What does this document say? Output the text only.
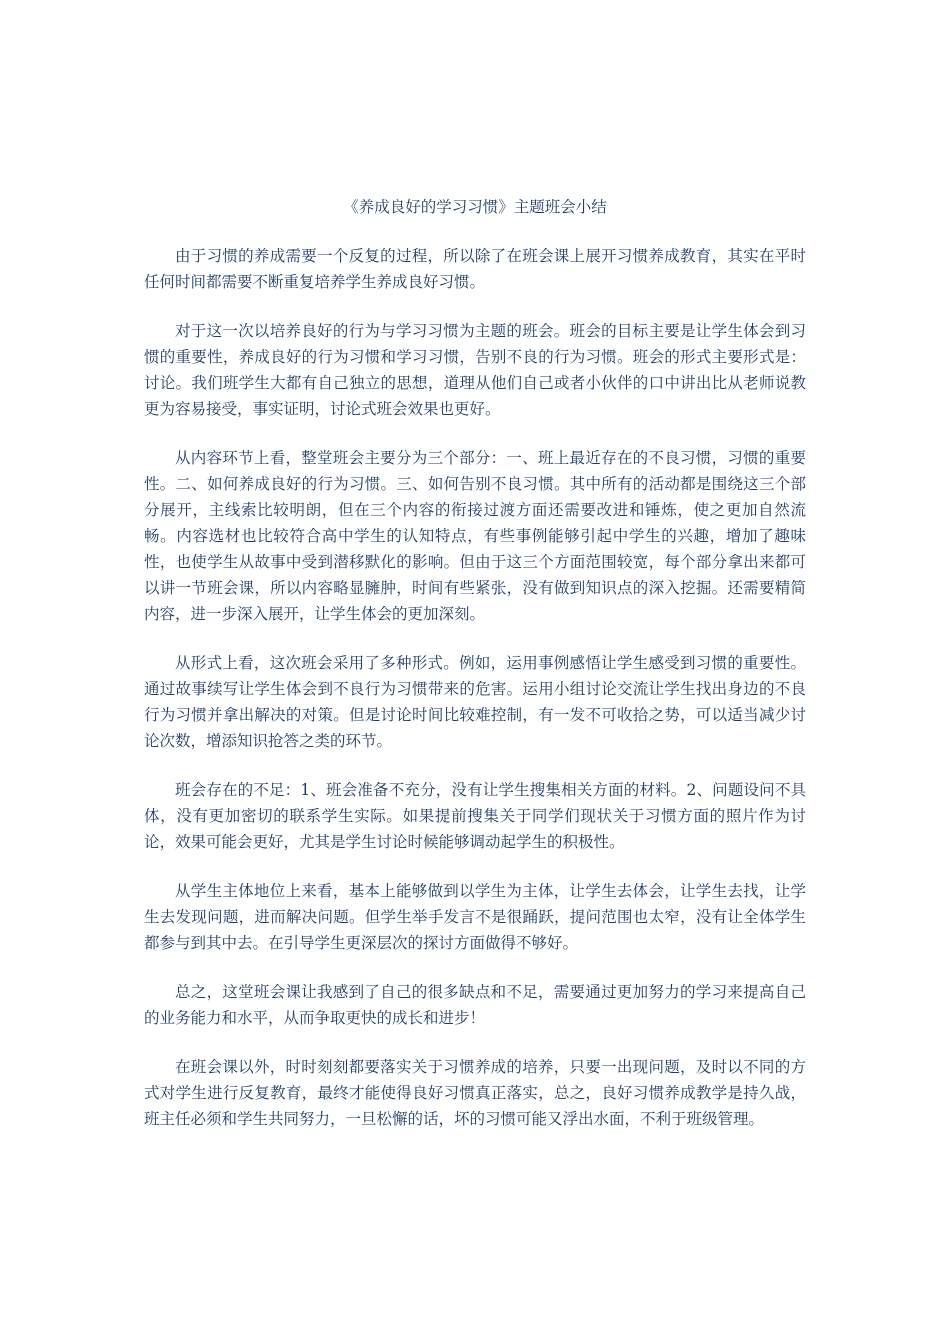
《养成良好的学习习惯》主题班会小结

由于习惯的养成需要一个反复的过程，所以除了在班会课上展开习惯养成教育，其实在平时任何时间都需要不断重复培养学生养成良好习惯。

对于这一次以培养良好的行为与学习习惯为主题的班会。班会的目标主要是让学生体会到习惯的重要性，养成良好的行为习惯和学习习惯，告别不良的行为习惯。班会的形式主要形式是：讨论。我们班学生大都有自己独立的思想，道理从他们自己或者小伙伴的口中讲出比从老师说教更为容易接受，事实证明，讨论式班会效果也更好。

从内容环节上看，整堂班会主要分为三个部分：一、班上最近存在的不良习惯，习惯的重要性。二、如何养成良好的行为习惯。三、如何告别不良习惯。其中所有的活动都是围绕这三个部分展开，主线索比较明朗，但在三个内容的衔接过渡方面还需要改进和锤炼，使之更加自然流畅。内容选材也比较符合高中学生的认知特点，有些事例能够引起中学生的兴趣，增加了趣味性，也使学生从故事中受到潜移默化的影响。但由于这三个方面范围较宽，每个部分拿出来都可以讲一节班会课，所以内容略显臃肿，时间有些紧张，没有做到知识点的深入挖掘。还需要精简内容，进一步深入展开，让学生体会的更加深刻。

从形式上看，这次班会采用了多种形式。例如，运用事例感悟让学生感受到习惯的重要性。通过故事续写让学生体会到不良行为习惯带来的危害。运用小组讨论交流让学生找出身边的不良行为习惯并拿出解决的对策。但是讨论时间比较难控制，有一发不可收拾之势，可以适当减少讨论次数，增添知识抢答之类的环节。

班会存在的不足：1、班会准备不充分，没有让学生搜集相关方面的材料。2、问题设问不具体，没有更加密切的联系学生实际。如果提前搜集关于同学们现状关于习惯方面的照片作为讨论，效果可能会更好，尤其是学生讨论时候能够调动起学生的积极性。

从学生主体地位上来看，基本上能够做到以学生为主体，让学生去体会，让学生去找，让学生去发现问题，进而解决问题。但学生举手发言不是很踊跃，提问范围也太窄，没有让全体学生都参与到其中去。在引导学生更深层次的探讨方面做得不够好。

总之，这堂班会课让我感到了自己的很多缺点和不足，需要通过更加努力的学习来提高自己的业务能力和水平，从而争取更快的成长和进步！

在班会课以外，时时刻刻都要落实关于习惯养成的培养，只要一出现问题，及时以不同的方式对学生进行反复教育，最终才能使得良好习惯真正落实，总之，良好习惯养成教学是持久战，班主任必须和学生共同努力，一旦松懈的话，坏的习惯可能又浮出水面，不利于班级管理。
